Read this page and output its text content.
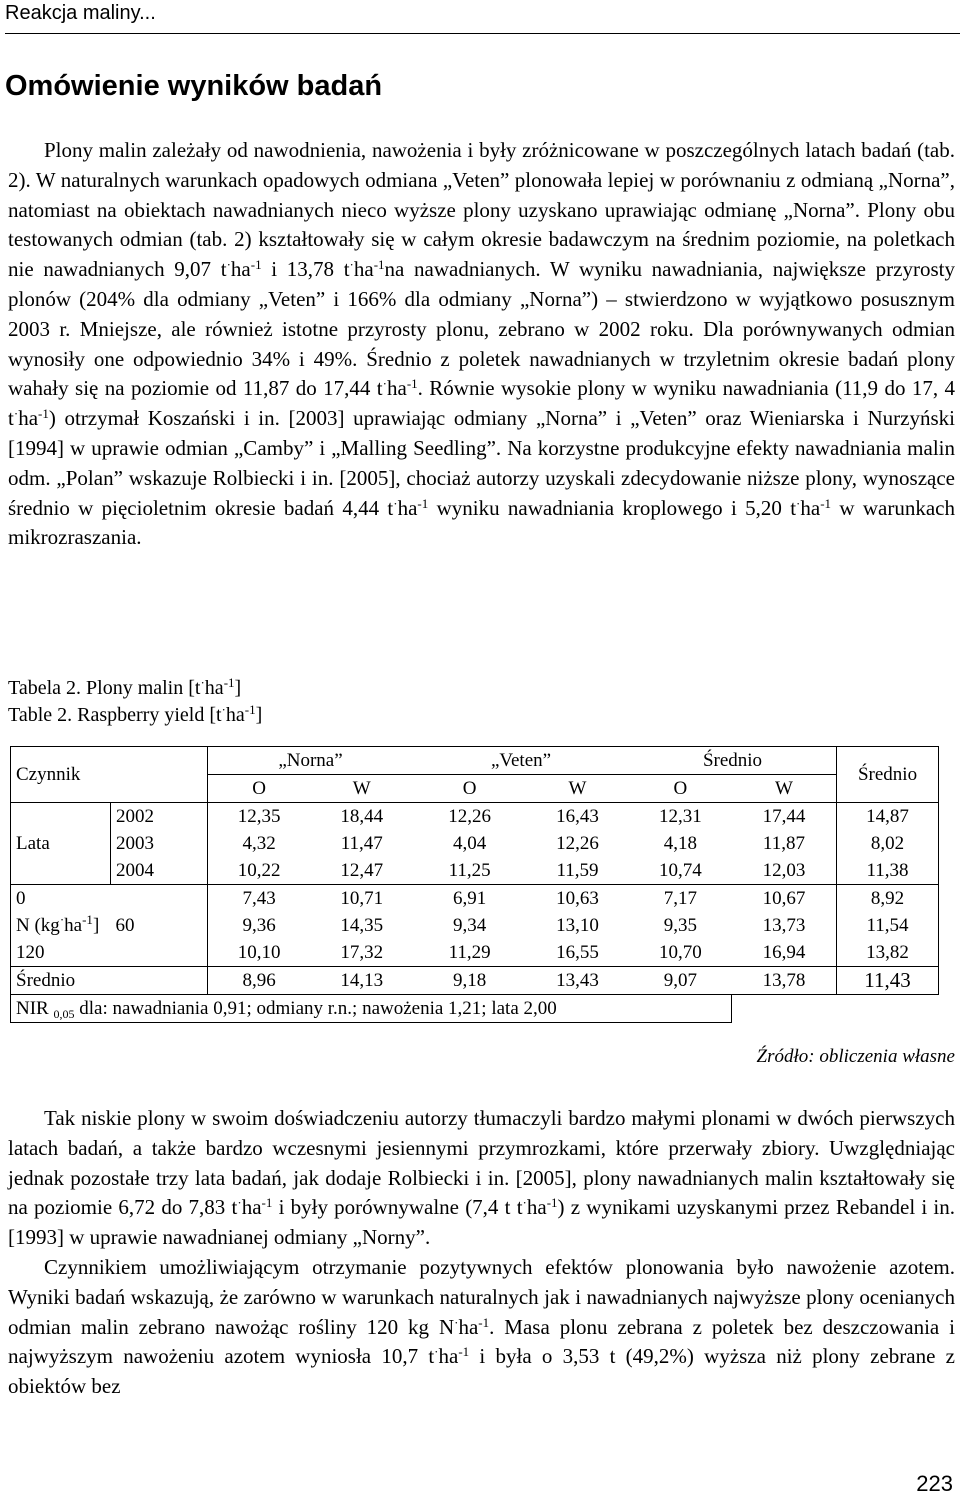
Reakcja maliny...
Omówienie wyników badań

Plony malin zależały od nawodnienia, nawożenia i były zróżnicowane w poszczególnych latach badań (tab. 2). W naturalnych warunkach opadowych odmiana „Veten” plonowała lepiej w porównaniu z odmianą „Norna”, natomiast na obiektach nawadnianych nieco wyższe plony uzyskano uprawiając odmianę „Norna”. Plony obu testowanych odmian (tab. 2) kształtowały się w całym okresie badawczym na średnim poziomie, na poletkach nie nawadnianych 9,07 $t^\cdot ha^{-1}$ i 13,78 $t^\cdot ha^{-1}na$ nawadnianych. W wyniku nawadniania, największe przyrosty plonów (204% dla odmiany „Veten” i 166% dla odmiany „Norna”) – stwierdzono w wyjątkowo posusznym 2003 r. Mniejsze, ale również istotne przyrosty plonu, zebrano w 2002 roku. Dla porównywanych odmian wynosiły one odpowiednio 34% i 49%. Średnio z poletek nawadnianych w trzyletnim okresie badań plony wahały się na poziomie od 11,87 do 17,44 $t^\cdot ha^{-1}$. Równie wysokie plony w wyniku nawadniania (11,9 do 17, 4 $t^\cdot ha^{-1}$) otrzymał Koszański i in. [2003] uprawiając odmiany „Norna” i „Veten” oraz Wieniarska i Nurzyński [1994] w uprawie odmian „Camby” i „Malling Seedling”. Na korzystne produkcyjne efekty nawadniania malin odm. „Polan” wskazuje Rolbiecki i in. [2005], chociaż autorzy uzyskali zdecydowanie niższe plony, wynoszące średnio w pięcioletnim okresie badań 4,44 $t^\cdot ha^{-1}$ wyniku nawadniania kroplowego i 5,20 $t^\cdot ha^{-1}$ w warunkach mikrozraszania.

Tabela 2. Plony malin $[t^\cdot ha^{-1}]$
Table 2. Raspberry yield $[t^\cdot ha^{-1}]$
Czynnik		„Norna”		„Veten”		Średnio		Średnio
		O	W	O	W	O	W	
	2002	12,35	18,44	12,26	16,43	12,31	17,44	14,87
Lata	2003	4,32	11,47	4,04	12,26	4,18	11,87	8,02
	2004	10,22	12,47	11,25	11,59	10,74	12,03	11,38
0		7,43	10,71	6,91	10,63	7,17	10,67	8,92
N $(kg^\cdot ha^{-1}]$	60	9,36	14,35	9,34	13,10	9,35	13,73	11,54
120		10,10	17,32	11,29	16,55	10,70	16,94	13,82
Średnio		8,96	14,13	9,18	13,43	9,07	13,78	11,43
NIR $_{0,05}$ dla: nawadniania 0,91; odmiany r.n.; nawożenia 1,21; lata 2,00								
Źródło: obliczenia własne

Tak niskie plony w swoim doświadczeniu autorzy tłumaczyli bardzo małymi plonami w dwóch pierwszych latach badań, a także bardzo wczesnymi jesiennymi przymrozkami, które przerwały zbiory. Uwzględniając jednak pozostałe trzy lata badań, jak dodaje Rolbiecki i in. [2005], plony nawadnianych malin kształtowały się na poziomie 6,72 do 7,83 $t^\cdot ha^{-1}$ i były porównywalne (7,4 t $t^\cdot ha^{-1}$) z wynikami uzyskanymi przez Rebandel i in. [1993] w uprawie nawadnianej odmiany „Norny”.

Czynnikiem umożliwiającym otrzymanie pozytywnych efektów plonowania było nawożenie azotem. Wyniki badań wskazują, że zarówno w warunkach naturalnych jak i nawadnianych najwyższe plony ocenianych odmian malin zebrano nawożąc rośliny 120 kg $N^\cdot ha^{-1}$. Masa plonu zebrana z poletek bez deszczowania i najwyższym nawożeniu azotem wyniosła 10,7 $t^\cdot ha^{-1}$ i była o 3,53 t (49,2%) wyższa niż plony zebrane z obiektów bez

223
